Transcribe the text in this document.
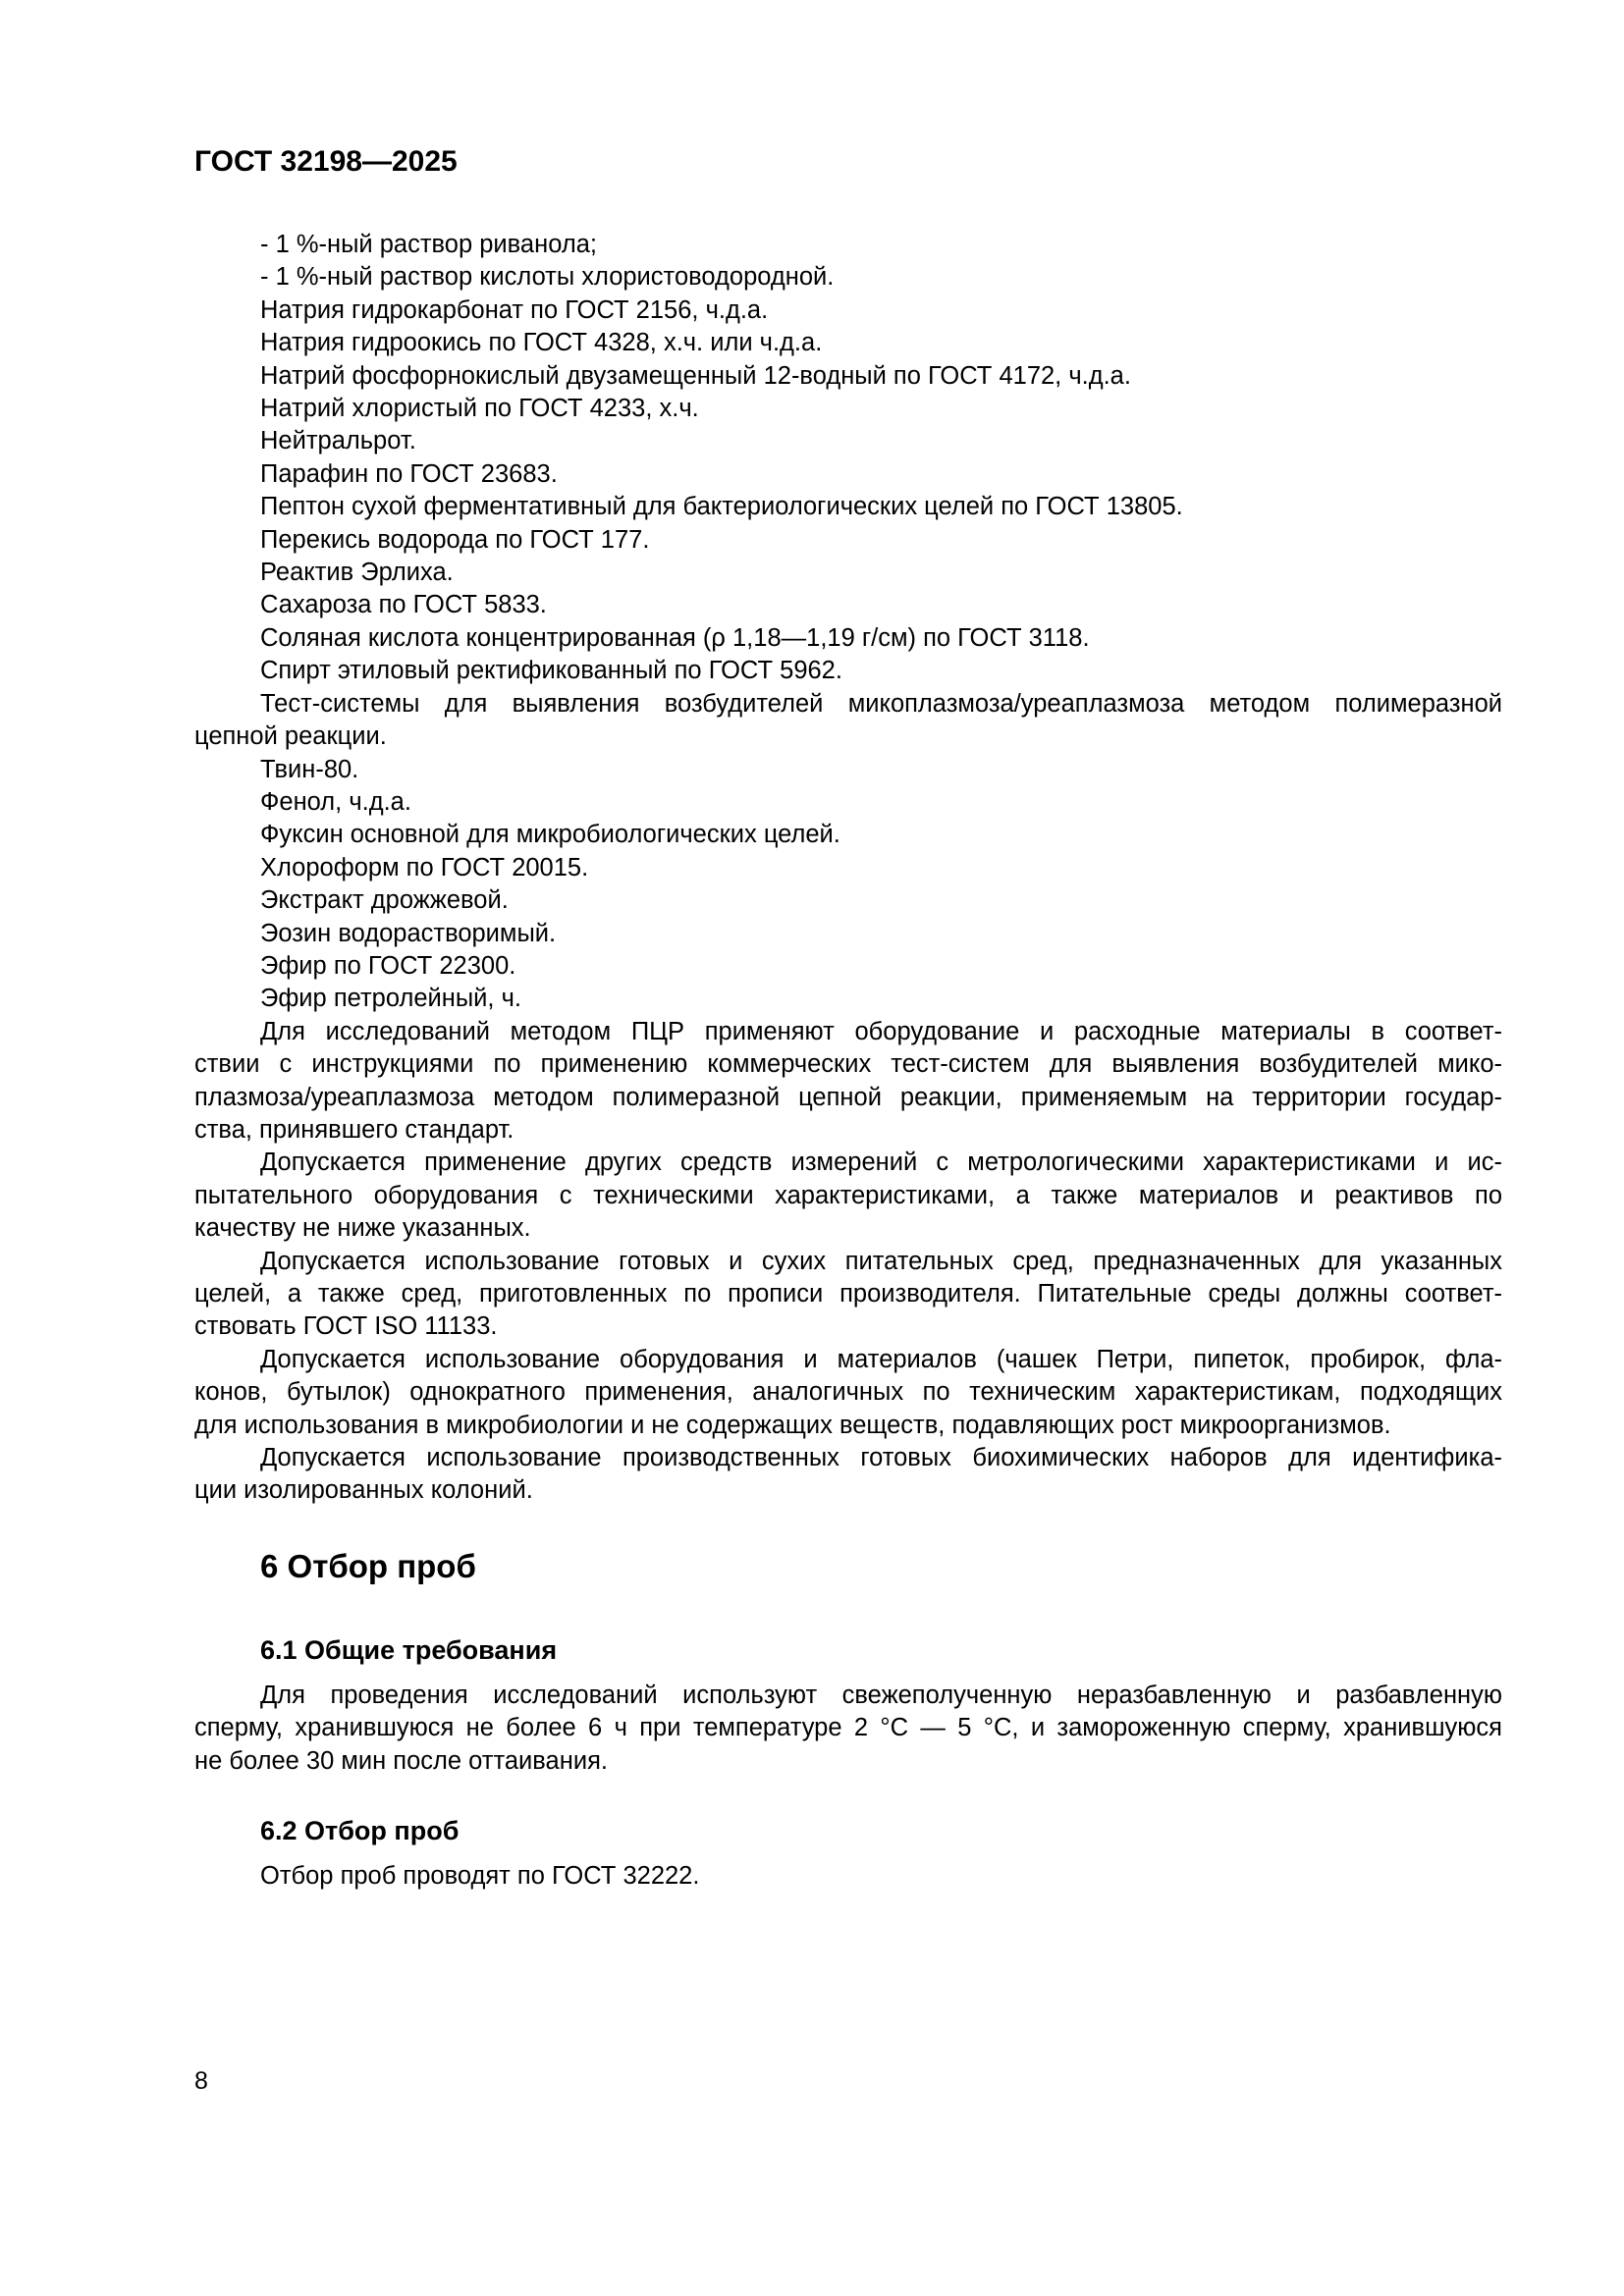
ГОСТ 32198—2025
- 1 %-ный раствор риванола;
- 1 %-ный раствор кислоты хлористоводородной.
Натрия гидрокарбонат по ГОСТ 2156, ч.д.а.
Натрия гидроокись по ГОСТ 4328, х.ч. или ч.д.а.
Натрий фосфорнокислый двузамещенный 12-водный по ГОСТ 4172, ч.д.а.
Натрий хлористый по ГОСТ 4233, х.ч.
Нейтральрот.
Парафин по ГОСТ 23683.
Пептон сухой ферментативный для бактериологических целей по ГОСТ 13805.
Перекись водорода по ГОСТ 177.
Реактив Эрлиха.
Сахароза по ГОСТ 5833.
Соляная кислота концентрированная (ρ 1,18—1,19 г/см) по ГОСТ 3118.
Спирт этиловый ректификованный по ГОСТ 5962.
Тест-системы для выявления возбудителей микоплазмоза/уреаплазмоза методом полимеразной
цепной реакции.
Твин-80.
Фенол, ч.д.а.
Фуксин основной для микробиологических целей.
Хлороформ по ГОСТ 20015.
Экстракт дрожжевой.
Эозин водорастворимый.
Эфир по ГОСТ 22300.
Эфир петролейный, ч.
Для исследований методом ПЦР применяют оборудование и расходные материалы в соответ-
ствии с инструкциями по применению коммерческих тест-систем для выявления возбудителей мико-
плазмоза/уреаплазмоза методом полимеразной цепной реакции, применяемым на территории государ-
ства, принявшего стандарт.
Допускается применение других средств измерений с метрологическими характеристиками и ис-
пытательного оборудования с техническими характеристиками, а также материалов и реактивов по
качеству не ниже указанных.
Допускается использование готовых и сухих питательных сред, предназначенных для указанных
целей, а также сред, приготовленных по прописи производителя. Питательные среды должны соответ-
ствовать ГОСТ ISO 11133.
Допускается использование оборудования и материалов (чашек Петри, пипеток, пробирок, фла-
конов, бутылок) однократного применения, аналогичных по техническим характеристикам, подходящих
для использования в микробиологии и не содержащих веществ, подавляющих рост микроорганизмов.
Допускается использование производственных готовых биохимических наборов для идентифика-
ции изолированных колоний.
6 Отбор проб
6.1 Общие требования
Для проведения исследований используют свежеполученную неразбавленную и разбавленную
сперму, хранившуюся не более 6 ч при температуре 2 °С — 5 °С, и замороженную сперму, хранившуюся
не более 30 мин после оттаивания.
6.2 Отбор проб
Отбор проб проводят по ГОСТ 32222.
8
